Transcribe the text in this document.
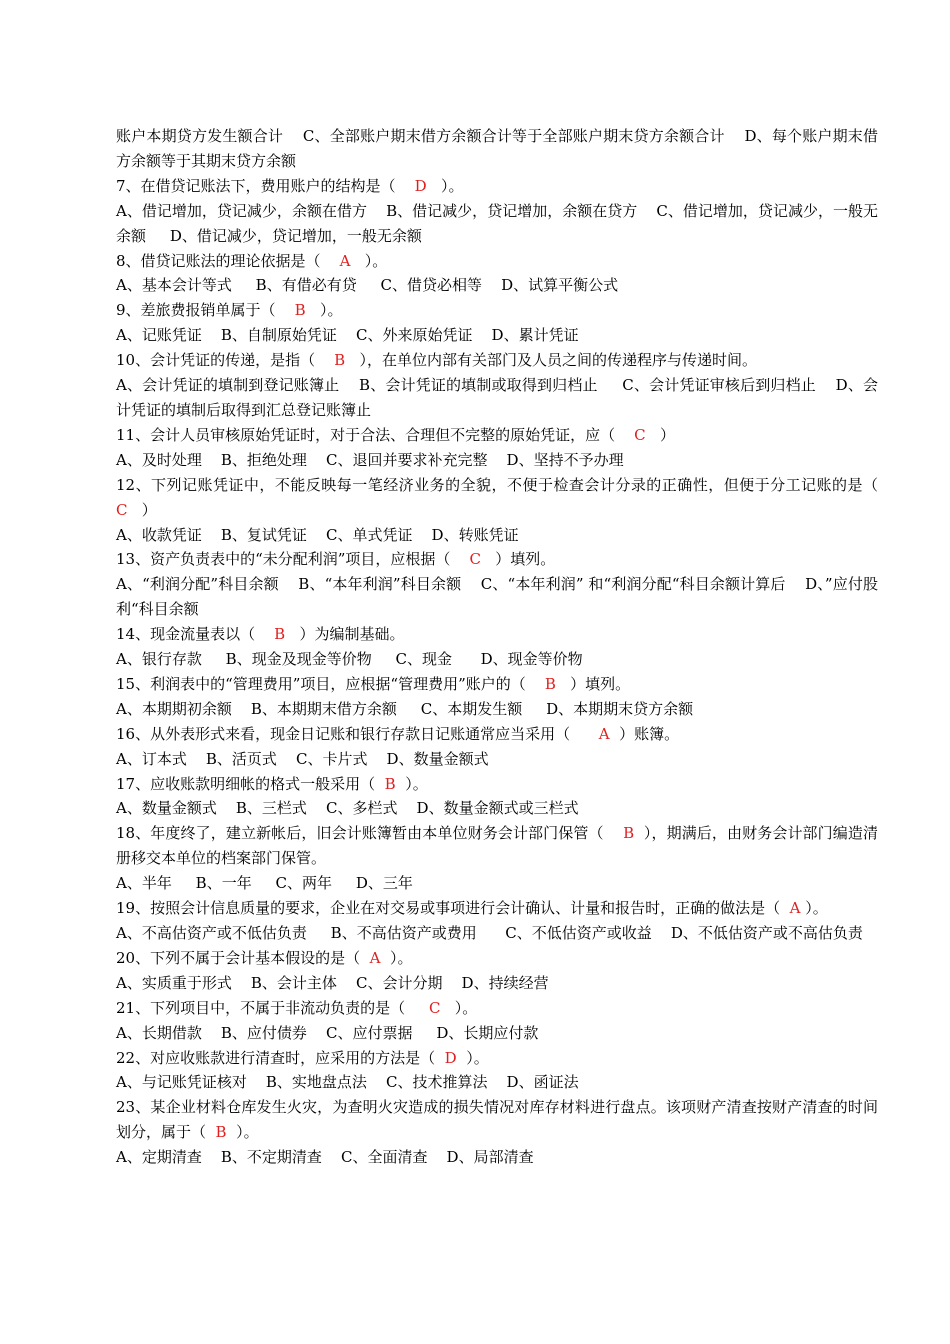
账户本期贷方发生额合计    C、全部账户期末借方余额合计等于全部账户期末贷方余额合计    D、每个账户期末借方余额等于其期末贷方余额

7、在借贷记账法下，费用账户的结构是（    D   ）。

A、借记增加，贷记减少，余额在借方    B、借记减少，贷记增加，余额在贷方    C、借记增加，贷记减少，一般无余额     D、借记减少，贷记增加，一般无余额

8、借贷记账法的理论依据是（    A   ）。

A、基本会计等式     B、有借必有贷     C、借贷必相等    D、试算平衡公式

9、差旅费报销单属于（    B   ）。

A、记账凭证    B、自制原始凭证    C、外来原始凭证    D、累计凭证

10、会计凭证的传递，是指（    B   ），在单位内部有关部门及人员之间的传递程序与传递时间。

A、会计凭证的填制到登记账簿止    B、会计凭证的填制或取得到归档止     C、会计凭证审核后到归档止    D、会计凭证的填制后取得到汇总登记账簿止

11、会计人员审核原始凭证时，对于合法、合理但不完整的原始凭证，应（    C   ）

A、及时处理    B、拒绝处理    C、退回并要求补充完整    D、坚持不予办理

12、下列记账凭证中，不能反映每一笔经济业务的全貌，不便于检查会计分录的正确性，但便于分工记账的是（    C   ）

A、收款凭证    B、复试凭证    C、单式凭证    D、转账凭证

13、资产负责表中的“未分配利润”项目，应根据（    C   ）填列。

A、“利润分配”科目余额    B、“本年利润”科目余额    C、“本年利润” 和“利润分配“科目余额计算后    D、”应付股利“科目余额

14、现金流量表以（    B   ）为编制基础。

A、银行存款     B、现金及现金等价物     C、现金      D、现金等价物

15、利润表中的“管理费用”项目，应根据“管理费用”账户的（    B   ）填列。

A、本期期初余额    B、本期期末借方余额     C、本期发生额     D、本期期末贷方余额

16、从外表形式来看，现金日记账和银行存款日记账通常应当采用（      A  ）账簿。

A、订本式    B、活页式    C、卡片式    D、数量金额式

17、应收账款明细帐的格式一般采用（  B  ）。

A、数量金额式    B、三栏式    C、多栏式    D、数量金额式或三栏式

18、年度终了，建立新帐后，旧会计账簿暂由本单位财务会计部门保管（    B  ），期满后，由财务会计部门编造清册移交本单位的档案部门保管。

A、半年     B、一年     C、两年     D、三年

19、按照会计信息质量的要求，企业在对交易或事项进行会计确认、计量和报告时，正确的做法是（  A ）。

A、不高估资产或不低估负责     B、不高估资产或费用      C、不低估资产或收益    D、不低估资产或不高估负责

20、下列不属于会计基本假设的是（  A  ）。

A、实质重于形式    B、会计主体    C、会计分期    D、持续经营

21、下列项目中，不属于非流动负责的是（     C   ）。

A、长期借款    B、应付债券    C、应付票据     D、长期应付款

22、对应收账款进行清查时，应采用的方法是（  D  ）。

A、与记账凭证核对    B、实地盘点法    C、技术推算法    D、函证法

23、某企业材料仓库发生火灾，为查明火灾造成的损失情况对库存材料进行盘点。该项财产清查按财产清查的时间划分，属于（  B  ）。

A、定期清查    B、不定期清查    C、全面清查    D、局部清查
